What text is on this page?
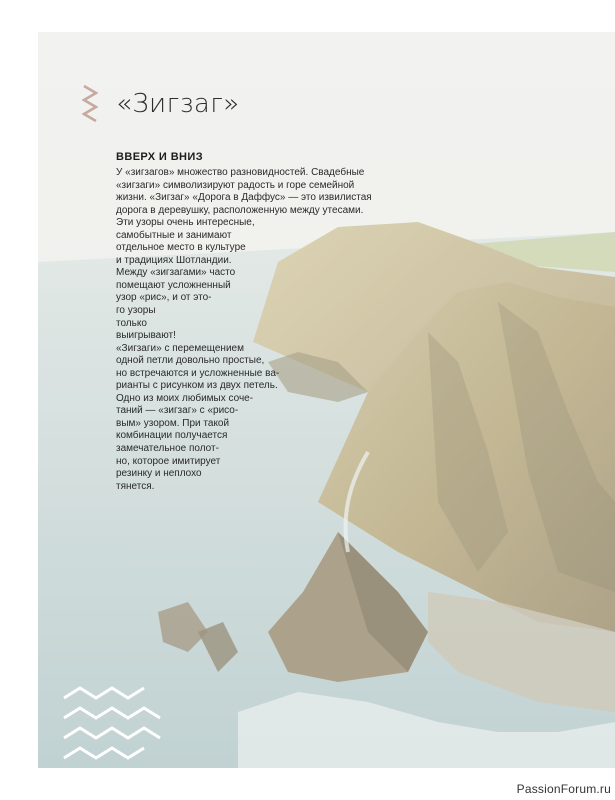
«Зигзаг»
ВВЕРХ И ВНИЗ
У «зигзагов» множество разновидностей. Свадебные
«зигзаги» символизируют радость и горе семейной
жизни. «Зигзаг» «Дорога в Даффус» — это извилистая
дорога в деревушку, расположенную между утесами.
Эти узоры очень интересные,
самобытные и занимают
отдельное место в культуре
и традициях Шотландии.
Между «зигзагами» часто
помещают усложненный
узор «рис», и от это-
го узоры
только
выигрывают!
«Зигзаги» с перемещением
одной петли довольно простые,
но встречаются и усложненные ва-
рианты с рисунком из двух петель.
Одно из моих любимых соче-
таний — «зигзаг» с «рисо-
вым» узором. При такой
комбинации получается
замечательное полот-
но, которое имитирует
резинку и неплохо
тянется.
PassionForum.ru
